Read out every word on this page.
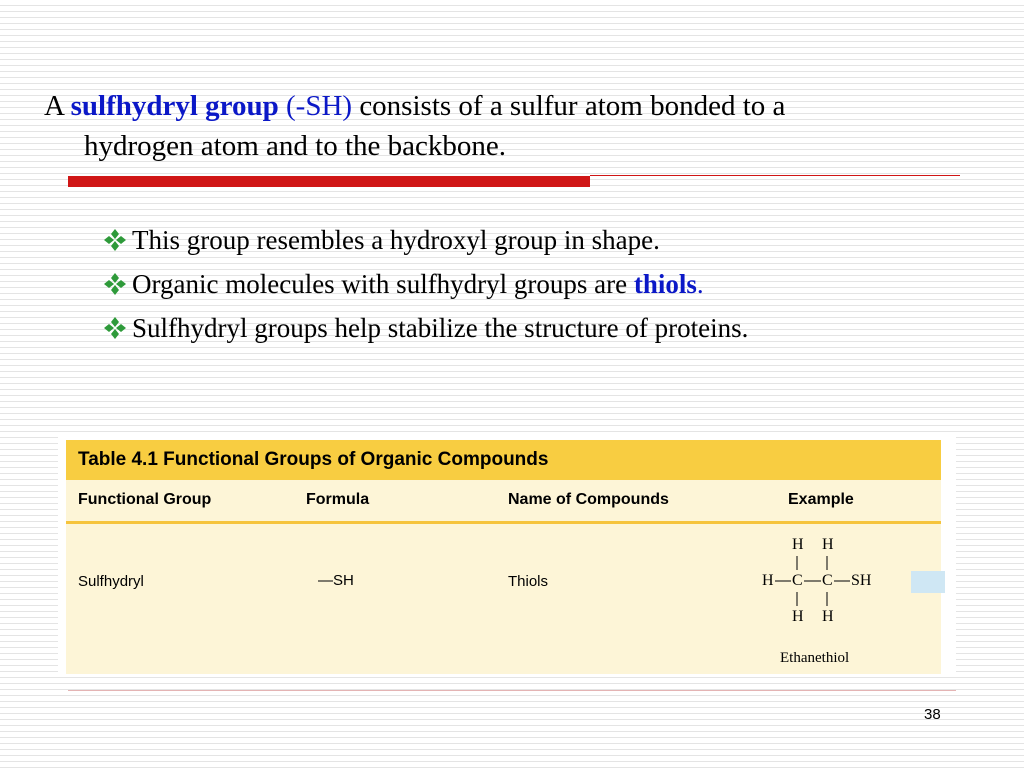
A sulfhydryl group (-SH) consists of a sulfur atom bonded to a
hydrogen atom and to the backbone.
This group resembles a hydroxyl group in shape.
Organic molecules with sulfhydryl groups are thiols.
Sulfhydryl groups help stabilize the structure of proteins.
Table 4.1 Functional Groups of Organic Compounds
Functional Group	Formula	Name of Compounds	Example
Sulfhydryl	—SH	Thiols
H H
H C C SH
H H
Ethanethiol
38
